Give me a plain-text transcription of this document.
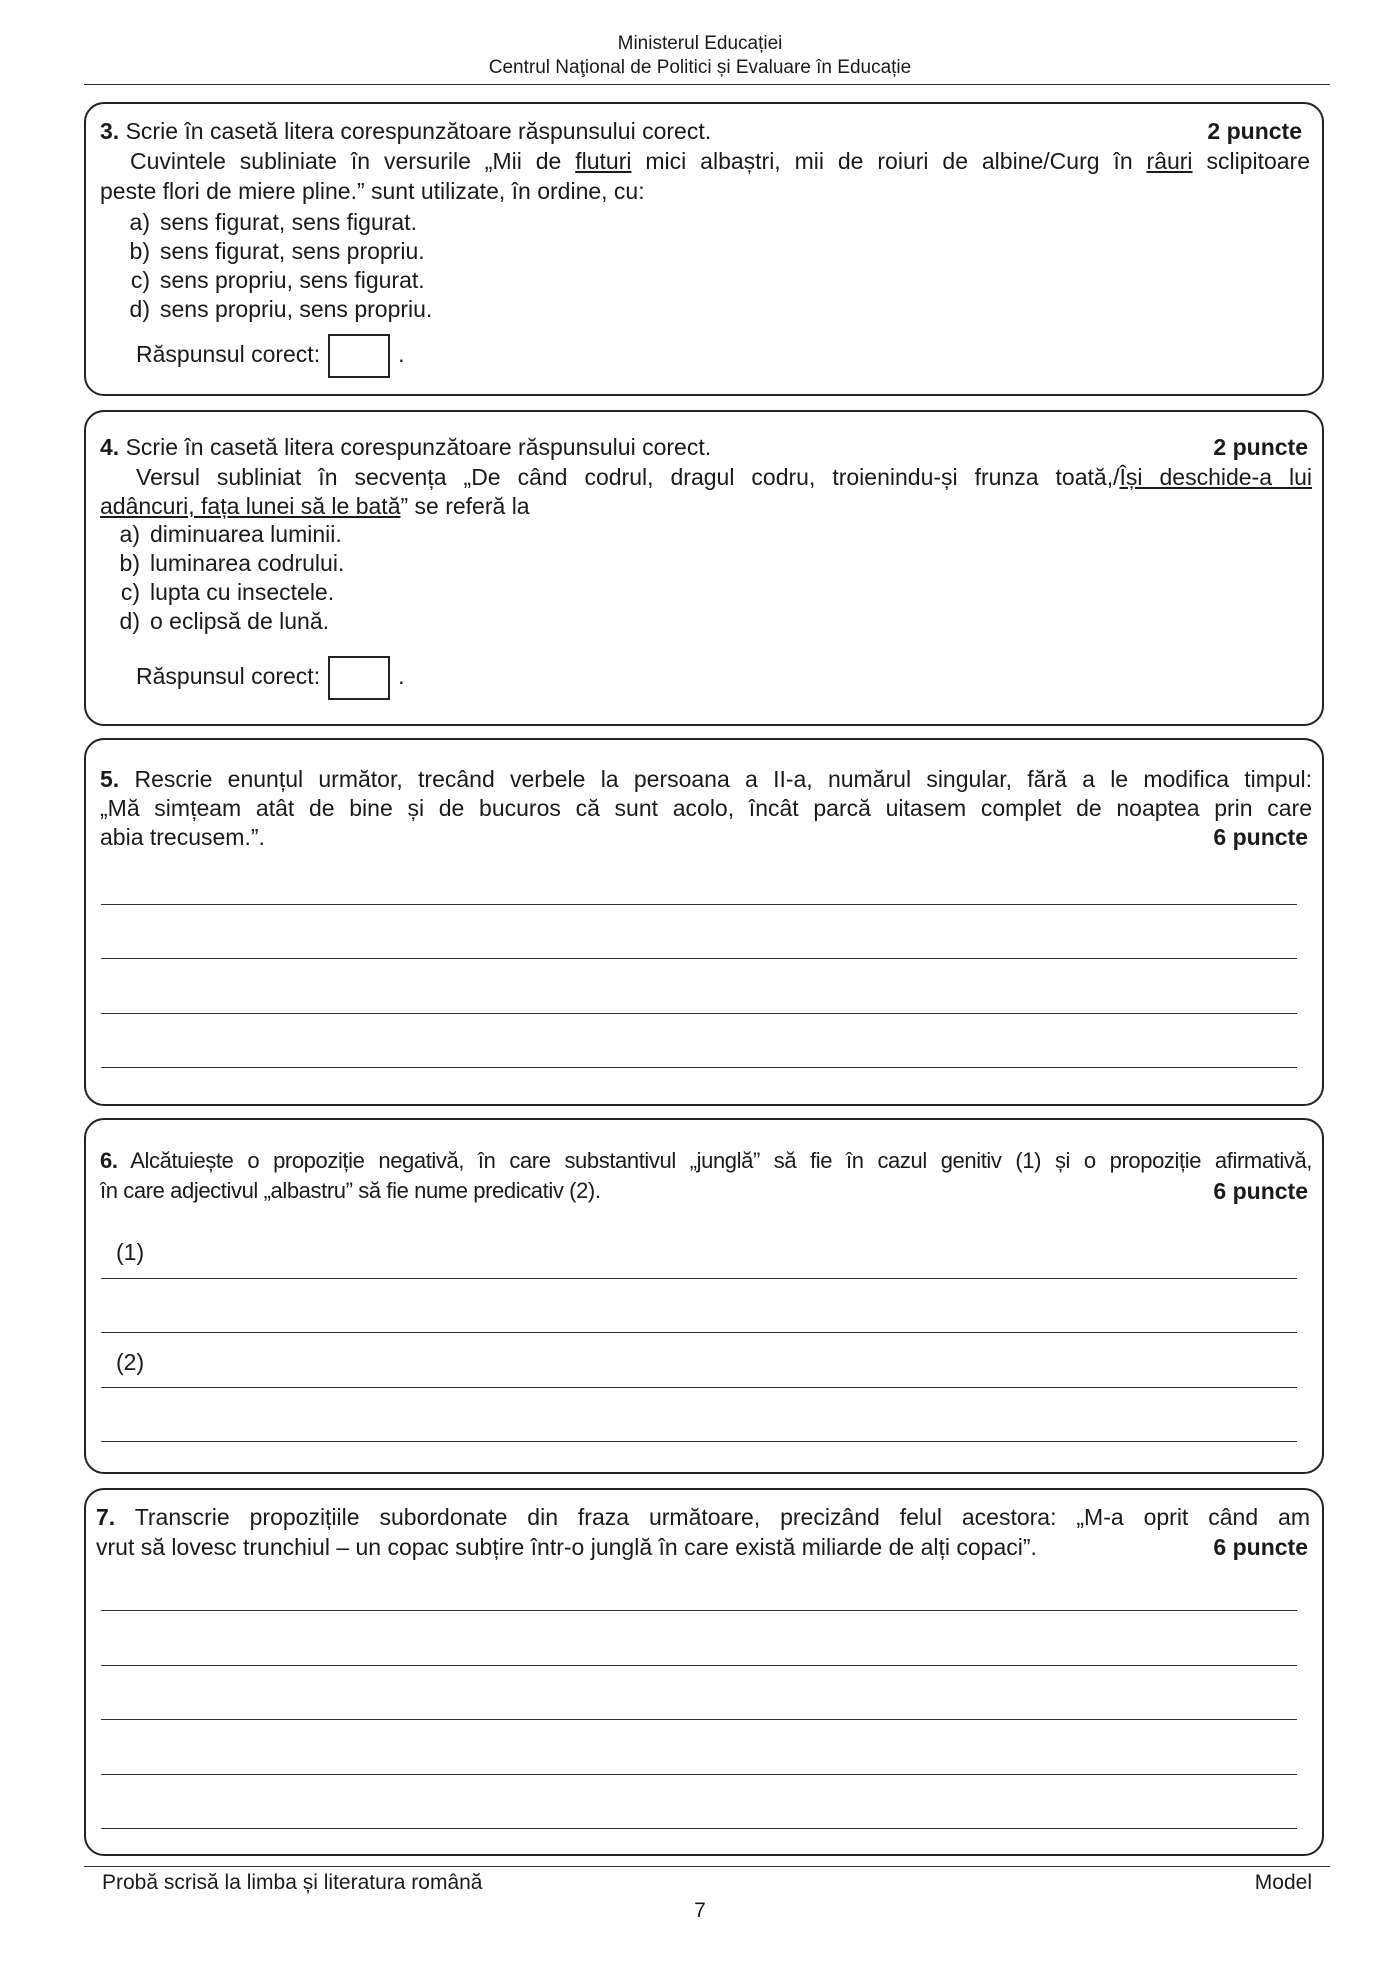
Ministerul Educației
Centrul Naţional de Politici și Evaluare în Educație
3. Scrie în casetă litera corespunzătoare răspunsului corect.	2 puncte
Cuvintele subliniate în versurile „Mii de fluturi mici albaștri, mii de roiuri de albine/Curg în râuri sclipitoare
peste flori de miere pline.” sunt utilizate, în ordine, cu:
a) sens figurat, sens figurat.
b) sens figurat, sens propriu.
c) sens propriu, sens figurat.
d) sens propriu, sens propriu.
Răspunsul corect:	.
4. Scrie în casetă litera corespunzătoare răspunsului corect.	2 puncte
Versul subliniat în secvența „De când codrul, dragul codru, troienindu-și frunza toată,/Își deschide-a lui
adâncuri, fața lunei să le bată” se referă la
a) diminuarea luminii.
b) luminarea codrului.
c) lupta cu insectele.
d) o eclipsă de lună.
Răspunsul corect:	.
5. Rescrie enunțul următor, trecând verbele la persoana a II-a, numărul singular, fără a le modifica timpul:
„Mă simțeam atât de bine și de bucuros că sunt acolo, încât parcă uitasem complet de noaptea prin care
abia trecusem.”.	6 puncte
6. Alcătuiește o propoziție negativă, în care substantivul „junglă” să fie în cazul genitiv (1) și o propoziție afirmativă,
în care adjectivul „albastru” să fie nume predicativ (2).	6 puncte
(1)
(2)
7. Transcrie propozițiile subordonate din fraza următoare, precizând felul acestora: „M-a oprit când am
vrut să lovesc trunchiul – un copac subțire într-o junglă în care există miliarde de alți copaci”.	6 puncte
Probă scrisă la limba și literatura română	Model
7
